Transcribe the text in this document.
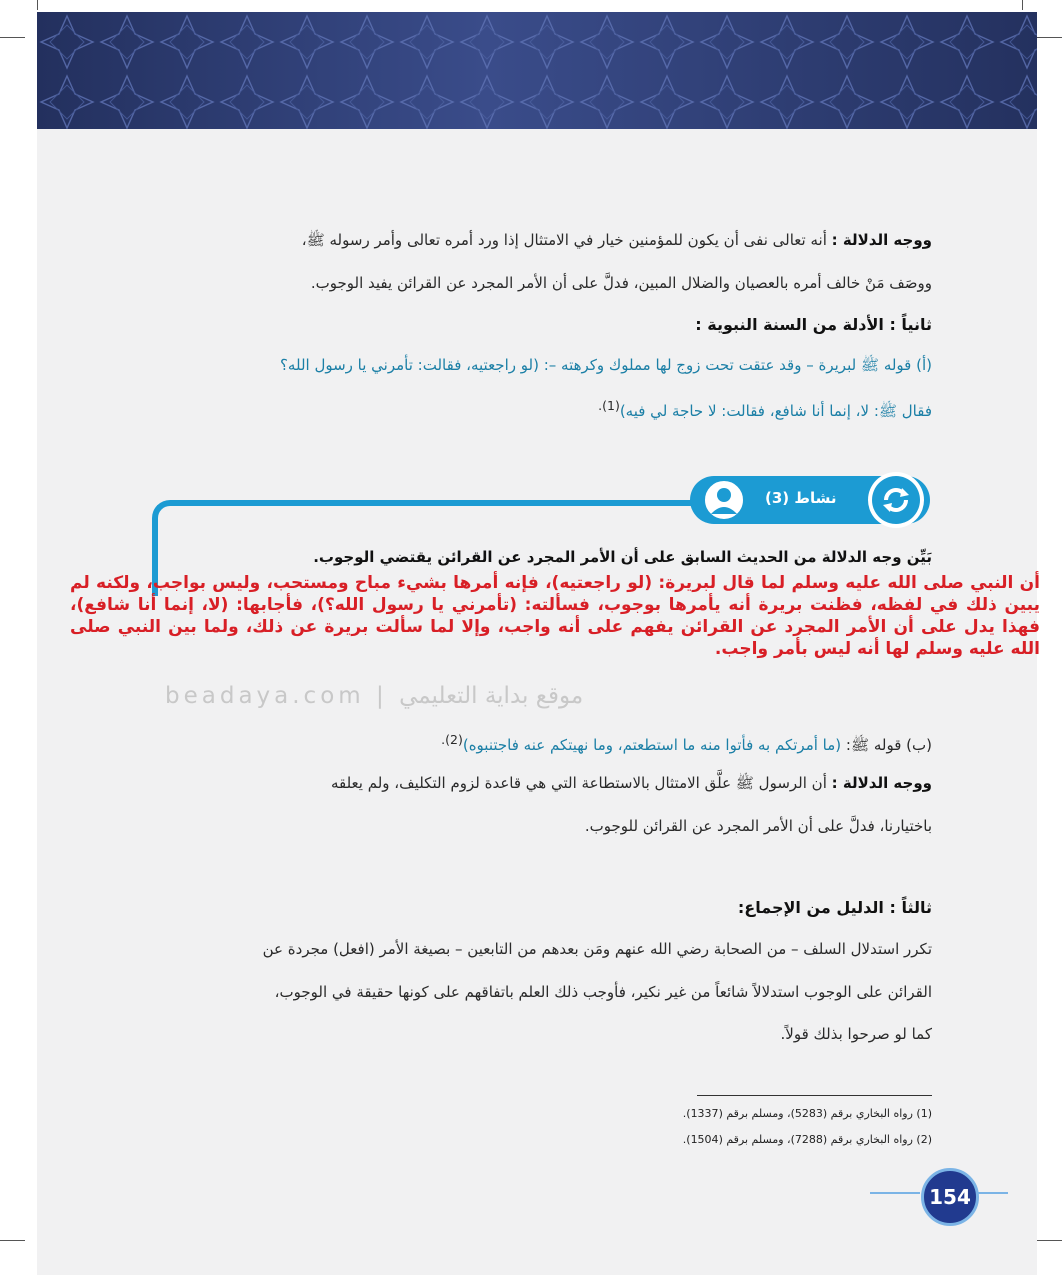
ووجه الدلالة : أنه تعالى نفى أن يكون للمؤمنين خيار في الامتثال إذا ورد أمره تعالى وأمر رسوله ﷺ،
ووصَف مَنْ خالف أمره بالعصيان والضلال المبين، فدلَّ على أن الأمر المجرد عن القرائن يفيد الوجوب.
ثانياً : الأدلة من السنة النبوية :
(أ) قوله ﷺ لبريرة – وقد عتقت تحت زوج لها مملوك وكرهته –: (لو راجعتيه، فقالت: تأمرني يا رسول الله؟
فقال ﷺ: لا، إنما أنا شافع، فقالت: لا حاجة لي فيه)$^{(1).}$
نشاط (3)
بَيِّن وجه الدلالة من الحديث السابق على أن الأمر المجرد عن القرائن يقتضي الوجوب.
أن النبي صلى الله عليه وسلم لما قال لبريرة: (لو راجعتيه)، فإنه أمرها بشيء مباح ومستحب، وليس بواجب، ولكنه لم يبين ذلك في لفظه، فظنت بريرة أنه يأمرها بوجوب، فسألته: (تأمرني يا رسول الله؟)، فأجابها: (لا، إنما أنا شافع)، فهذا يدل على أن الأمر المجرد عن القرائن يفهم على أنه واجب، وإلا لما سألت بريرة عن ذلك، ولما بين النبي صلى الله عليه وسلم لها أنه ليس بأمر واجب.
beadaya.com | موقع بداية التعليمي
(ب) قوله ﷺ: (ما أمرتكم به فأتوا منه ما استطعتم، وما نهيتكم عنه فاجتنبوه)$^{(2).}$
ووجه الدلالة : أن الرسول ﷺ علَّق الامتثال بالاستطاعة التي هي قاعدة لزوم التكليف، ولم يعلقه
باختيارنا، فدلَّ على أن الأمر المجرد عن القرائن للوجوب.
ثالثاً : الدليل من الإجماع:
تكرر استدلال السلف – من الصحابة رضي الله عنهم ومَن بعدهم من التابعين – بصيغة الأمر (افعل) مجردة عن
القرائن على الوجوب استدلالاً شائعاً من غير نكير، فأوجب ذلك العلم باتفاقهم على كونها حقيقة في الوجوب،
كما لو صرحوا بذلك قولاً.
(1) رواه البخاري برقم (5283)، ومسلم برقم (1337).
(2) رواه البخاري برقم (7288)، ومسلم برقم (1504).
154
